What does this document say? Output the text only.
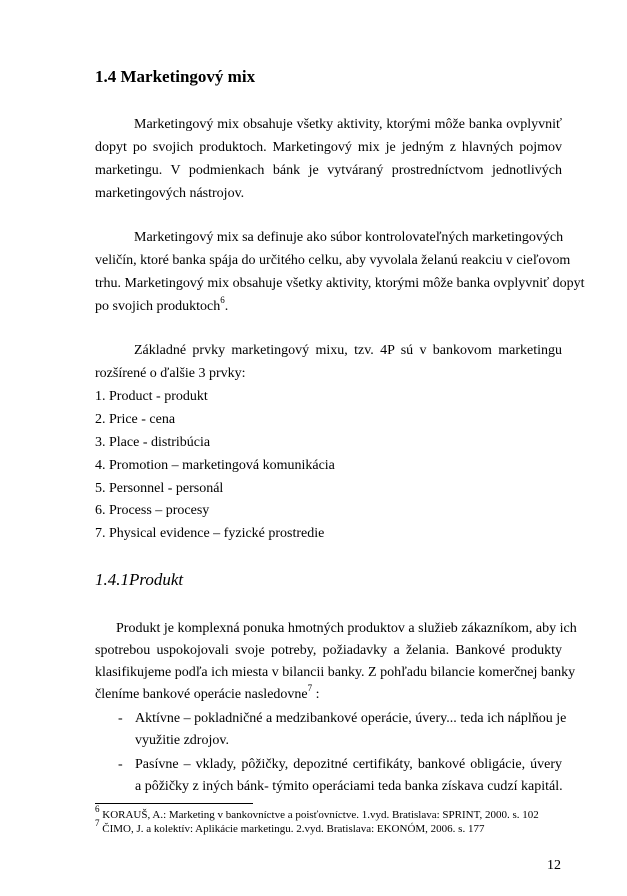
1.4 Marketingový mix
Marketingový mix obsahuje všetky aktivity, ktorými môže banka ovplyvniť
dopyt po svojich produktoch. Marketingový mix je jedným z hlavných pojmov
marketingu. V podmienkach bánk je vytváraný prostredníctvom jednotlivých
marketingových nástrojov.
Marketingový mix sa definuje ako súbor kontrolovateľných marketingových
veličín, ktoré banka spája do určitého celku, aby vyvolala želanú reakciu v cieľovom
trhu. Marketingový mix obsahuje všetky aktivity, ktorými môže banka ovplyvniť dopyt
po svojich produktoch$^6$.
Základné prvky marketingový mixu, tzv. 4P sú v bankovom marketingu
rozšírené o ďalšie 3 prvky:
1. Product - produkt
2. Price - cena
3. Place - distribúcia
4. Promotion – marketingová komunikácia
5. Personnel - personál
6. Process – procesy
7. Physical evidence – fyzické prostredie
1.4.1Produkt
Produkt je komplexná ponuka hmotných produktov a služieb zákazníkom, aby ich
spotrebou uspokojovali svoje potreby, požiadavky a želania. Bankové produkty
klasifikujeme podľa ich miesta v bilancii banky. Z pohľadu bilancie komerčnej banky
členíme bankové operácie nasledovne$^7$ :
- Aktívne – pokladničné a medzibankové operácie, úvery... teda ich náplňou je
využitie zdrojov.
- Pasívne – vklady, pôžičky, depozitné certifikáty, bankové obligácie, úvery
a pôžičky z iných bánk- týmito operáciami teda banka získava cudzí kapitál.
$^6$ KORAUŠ, A.: Marketing v bankovníctve a poisťovníctve. 1.vyd. Bratislava: SPRINT, 2000. s. 102
$^7$ ČIMO, J. a kolektív: Aplikácie marketingu. 2.vyd. Bratislava: EKONÓM, 2006. s. 177
12
